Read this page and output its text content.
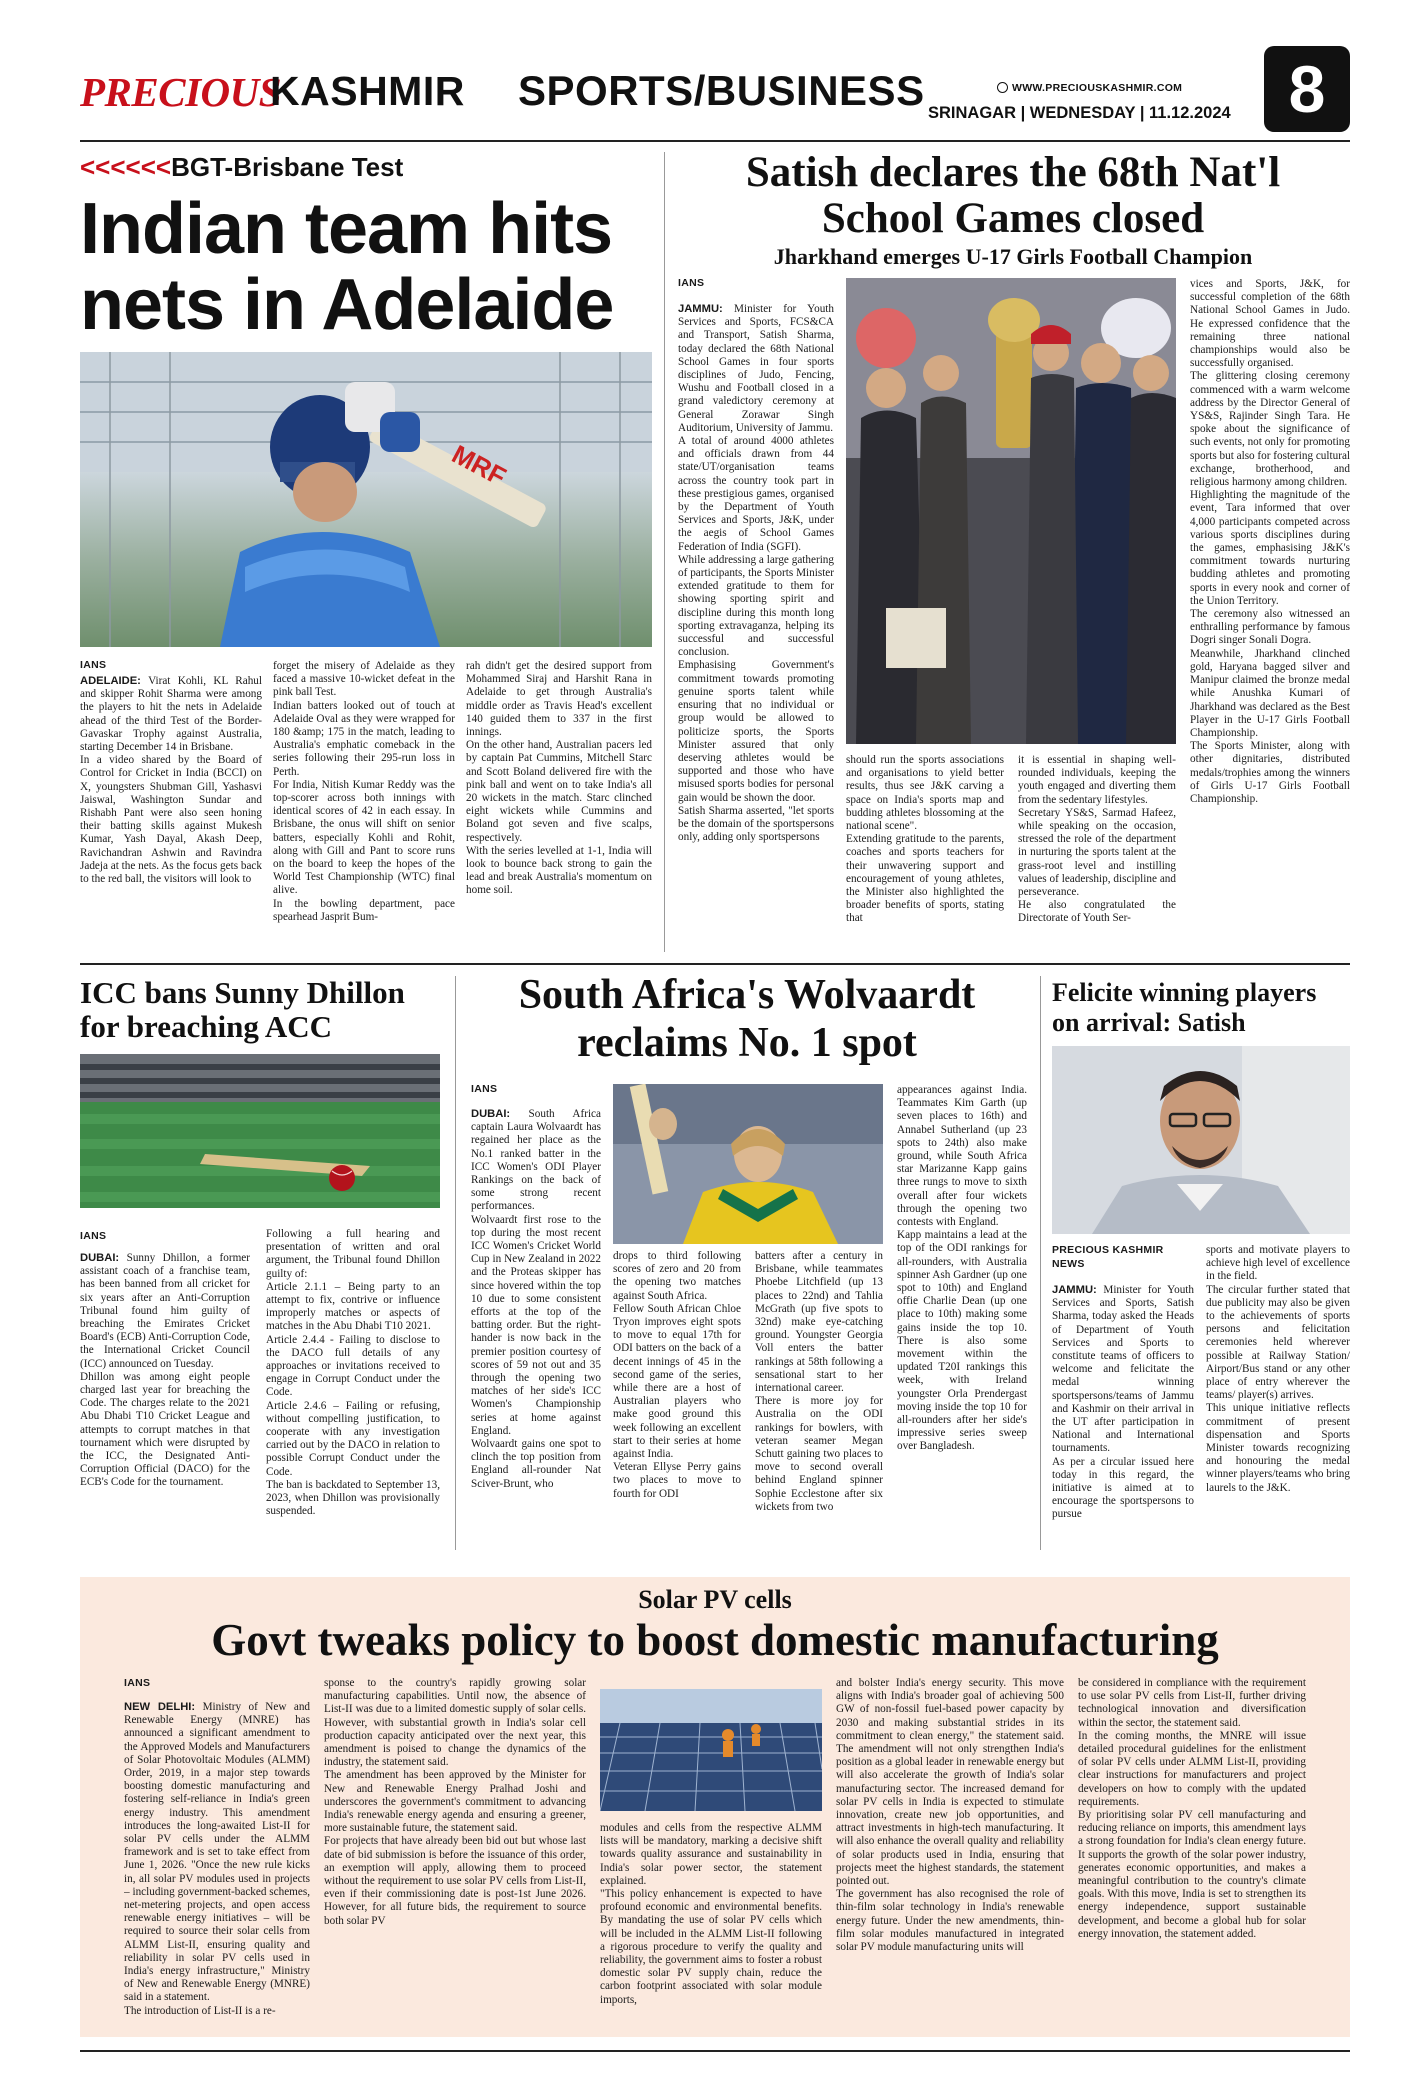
PRECIOUS
KASHMIR SPORTS/BUSINESS	WWW.PRECIOUSKASHMIR.COM
SRINAGAR | WEDNESDAY | 11.12.2024 8
<<<<<<BGT-Brisbane Test
Indian team hits
nets in Adelaide
MRF
IANS
ADELAIDE: Virat Kohli, KL Rahul and skipper Rohit Sharma were among the players to hit the nets in Adelaide ahead of the third Test of the Border-Gavaskar Trophy against Australia, starting December 14 in Brisbane.
In a video shared by the Board of Control for Cricket in India (BCCI) on X, youngsters Shubman Gill, Yashasvi Jaiswal, Washington Sundar and Rishabh Pant were also seen honing their batting skills against Mukesh Kumar, Yash Dayal, Akash Deep, Ravichandran Ashwin and Ravindra Jadeja at the nets. As the focus gets back to the red ball, the visitors will look to
forget the misery of Adelaide as they faced a massive 10-wicket defeat in the pink ball Test.
Indian batters looked out of touch at Adelaide Oval as they were wrapped for 180 &amp; 175 in the match, leading to Australia's emphatic comeback in the series following their 295-run loss in Perth.
For India, Nitish Kumar Reddy was the top-scorer across both innings with identical scores of 42 in each essay. In Brisbane, the onus will shift on senior batters, especially Kohli and Rohit, along with Gill and Pant to score runs on the board to keep the hopes of the World Test Championship (WTC) final alive.
In the bowling department, pace spearhead Jasprit Bum-
rah didn't get the desired support from Mohammed Siraj and Harshit Rana in Adelaide to get through Australia's middle order as Travis Head's excellent 140 guided them to 337 in the first innings.
On the other hand, Australian pacers led by captain Pat Cummins, Mitchell Starc and Scott Boland delivered fire with the pink ball and went on to take India's all 20 wickets in the match. Starc clinched eight wickets while Cummins and Boland got seven and five scalps, respectively.
With the series levelled at 1-1, India will look to bounce back strong to gain the lead and break Australia's momentum on home soil.
Satish declares the 68th Nat'l
School Games closed
Jharkhand emerges U-17 Girls Football Champion
IANS
JAMMU: Minister for Youth Services and Sports, FCS&CA and Transport, Satish Sharma, today declared the 68th National School Games in four sports disciplines of Judo, Fencing, Wushu and Football closed in a grand valedictory ceremony at General Zorawar Singh Auditorium, University of Jammu.
A total of around 4000 athletes and officials drawn from 44 state/UT/organisation teams across the country took part in these prestigious games, organised by the Department of Youth Services and Sports, J&K, under the aegis of School Games Federation of India (SGFI).
While addressing a large gathering of participants, the Sports Minister extended gratitude to them for showing sporting spirit and discipline during this month long sporting extravaganza, helping its successful and successful conclusion.
Emphasising Government's commitment towards promoting genuine sports talent while ensuring that no individual or group would be allowed to politicize sports, the Sports Minister assured that only deserving athletes would be supported and those who have misused sports bodies for personal gain would be shown the door.
Satish Sharma asserted, "let sports be the domain of the sportspersons only, adding only sportspersons
should run the sports associations and organisations to yield better results, thus see J&K carving a space on India's sports map and budding athletes blossoming at the national scene".
Extending gratitude to the parents, coaches and sports teachers for their unwavering support and encouragement of young athletes, the Minister also highlighted the broader benefits of sports, stating that
it is essential in shaping well-rounded individuals, keeping the youth engaged and diverting them from the sedentary lifestyles.
Secretary YS&S, Sarmad Hafeez, while speaking on the occasion, stressed the role of the department in nurturing the sports talent at the grass-root level and instilling values of leadership, discipline and perseverance.
He also congratulated the Directorate of Youth Ser-
vices and Sports, J&K, for successful completion of the 68th National School Games in Judo. He expressed confidence that the remaining three national championships would also be successfully organised.
The glittering closing ceremony commenced with a warm welcome address by the Director General of YS&S, Rajinder Singh Tara. He spoke about the significance of such events, not only for promoting sports but also for fostering cultural exchange, brotherhood, and religious harmony among children.
Highlighting the magnitude of the event, Tara informed that over 4,000 participants competed across various sports disciplines during the games, emphasising J&K's commitment towards nurturing budding athletes and promoting sports in every nook and corner of the Union Territory.
The ceremony also witnessed an enthralling performance by famous Dogri singer Sonali Dogra.
Meanwhile, Jharkhand clinched gold, Haryana bagged silver and Manipur claimed the bronze medal while Anushka Kumari of Jharkhand was declared as the Best Player in the U-17 Girls Football Championship.
The Sports Minister, along with other dignitaries, distributed medals/trophies among the winners of Girls U-17 Girls Football Championship.
ICC bans Sunny Dhillon
for breaching ACC
IANS
DUBAI: Sunny Dhillon, a former assistant coach of a franchise team, has been banned from all cricket for six years after an Anti-Corruption Tribunal found him guilty of breaching the Emirates Cricket Board's (ECB) Anti-Corruption Code, the International Cricket Council (ICC) announced on Tuesday.
Dhillon was among eight people charged last year for breaching the Code. The charges relate to the 2021 Abu Dhabi T10 Cricket League and attempts to corrupt matches in that tournament which were disrupted by the ICC, the Designated Anti-Corruption Official (DACO) for the ECB's Code for the tournament.
Following a full hearing and presentation of written and oral argument, the Tribunal found Dhillon guilty of:
Article 2.1.1 – Being party to an attempt to fix, contrive or influence improperly matches or aspects of matches in the Abu Dhabi T10 2021.
Article 2.4.4 - Failing to disclose to the DACO full details of any approaches or invitations received to engage in Corrupt Conduct under the Code.
Article 2.4.6 – Failing or refusing, without compelling justification, to cooperate with any investigation carried out by the DACO in relation to possible Corrupt Conduct under the Code.
The ban is backdated to September 13, 2023, when Dhillon was provisionally suspended.
South Africa's Wolvaardt
reclaims No. 1 spot
IANS
DUBAI: South Africa captain Laura Wolvaardt has regained her place as the No.1 ranked batter in the ICC Women's ODI Player Rankings on the back of some strong recent performances.
Wolvaardt first rose to the top during the most recent ICC Women's Cricket World Cup in New Zealand in 2022 and the Proteas skipper has since hovered within the top 10 due to some consistent efforts at the top of the batting order. But the right-hander is now back in the premier position courtesy of scores of 59 not out and 35 through the opening two matches of her side's ICC Women's Championship series at home against England.
Wolvaardt gains one spot to clinch the top position from England all-rounder Nat Sciver-Brunt, who
drops to third following scores of zero and 20 from the opening two matches against South Africa.
Fellow South African Chloe Tryon improves eight spots to move to equal 17th for ODI batters on the back of a decent innings of 45 in the second game of the series, while there are a host of Australian players who make good ground this week following an excellent start to their series at home against India.
Veteran Ellyse Perry gains two places to move to fourth for ODI
batters after a century in Brisbane, while teammates Phoebe Litchfield (up 13 places to 22nd) and Tahlia McGrath (up five spots to 32nd) make eye-catching ground. Youngster Georgia Voll enters the batter rankings at 58th following a sensational start to her international career.
There is more joy for Australia on the ODI rankings for bowlers, with veteran seamer Megan Schutt gaining two places to move to second overall behind England spinner Sophie Ecclestone after six wickets from two
appearances against India. Teammates Kim Garth (up seven places to 16th) and Annabel Sutherland (up 23 spots to 24th) also make ground, while South Africa star Marizanne Kapp gains three rungs to move to sixth overall after four wickets through the opening two contests with England.
Kapp maintains a lead at the top of the ODI rankings for all-rounders, with Australia spinner Ash Gardner (up one spot to 10th) and England offie Charlie Dean (up one place to 10th) making some gains inside the top 10. There is also some movement within the updated T20I rankings this week, with Ireland youngster Orla Prendergast moving inside the top 10 for all-rounders after her side's impressive series sweep over Bangladesh.
Felicite winning players
on arrival: Satish
PRECIOUS KASHMIR
NEWS
JAMMU: Minister for Youth Services and Sports, Satish Sharma, today asked the Heads of Department of Youth Services and Sports to constitute teams of officers to welcome and felicitate the medal winning sportspersons/teams of Jammu and Kashmir on their arrival in the UT after participation in National and International tournaments.
As per a circular issued here today in this regard, the initiative is aimed at to encourage the sportspersons to pursue
sports and motivate players to achieve high level of excellence in the field.
The circular further stated that due publicity may also be given to the achievements of sports persons and felicitation ceremonies held wherever possible at Railway Station/ Airport/Bus stand or any other place of entry wherever the teams/ player(s) arrives.
This unique initiative reflects commitment of present dispensation and Sports Minister towards recognizing and honouring the medal winner players/teams who bring laurels to the J&K.
Solar PV cells
Govt tweaks policy to boost domestic manufacturing
IANS
NEW DELHI: Ministry of New and Renewable Energy (MNRE) has announced a significant amendment to the Approved Models and Manufacturers of Solar Photovoltaic Modules (ALMM) Order, 2019, in a major step towards boosting domestic manufacturing and fostering self-reliance in India's green energy industry. This amendment introduces the long-awaited List-II for solar PV cells under the ALMM framework and is set to take effect from June 1, 2026. "Once the new rule kicks in, all solar PV modules used in projects – including government-backed schemes, net-metering projects, and open access renewable energy initiatives – will be required to source their solar cells from ALMM List-II, ensuring quality and reliability in solar PV cells used in India's energy infrastructure," Ministry of New and Renewable Energy (MNRE) said in a statement.
The introduction of List-II is a re-
sponse to the country's rapidly growing solar manufacturing capabilities. Until now, the absence of List-II was due to a limited domestic supply of solar cells. However, with substantial growth in India's solar cell production capacity anticipated over the next year, this amendment is poised to change the dynamics of the industry, the statement said.
The amendment has been approved by the Minister for New and Renewable Energy Pralhad Joshi and underscores the government's commitment to advancing India's renewable energy agenda and ensuring a greener, more sustainable future, the statement said.
For projects that have already been bid out but whose last date of bid submission is before the issuance of this order, an exemption will apply, allowing them to proceed without the requirement to use solar PV cells from List-II, even if their commissioning date is post-1st June 2026. However, for all future bids, the requirement to source both solar PV
modules and cells from the respective ALMM lists will be mandatory, marking a decisive shift towards quality assurance and sustainability in India's solar power sector, the statement explained.
"This policy enhancement is expected to have profound economic and environmental benefits. By mandating the use of solar PV cells which will be included in the ALMM List-II following a rigorous procedure to verify the quality and reliability, the government aims to foster a robust domestic solar PV supply chain, reduce the carbon footprint associated with solar module imports,
and bolster India's energy security. This move aligns with India's broader goal of achieving 500 GW of non-fossil fuel-based power capacity by 2030 and making substantial strides in its commitment to clean energy," the statement said. The amendment will not only strengthen India's position as a global leader in renewable energy but will also accelerate the growth of India's solar manufacturing sector. The increased demand for solar PV cells in India is expected to stimulate innovation, create new job opportunities, and attract investments in high-tech manufacturing. It will also enhance the overall quality and reliability of solar products used in India, ensuring that projects meet the highest standards, the statement pointed out.
The government has also recognised the role of thin-film solar technology in India's renewable energy future. Under the new amendments, thin-film solar modules manufactured in integrated solar PV module manufacturing units will
be considered in compliance with the requirement to use solar PV cells from List-II, further driving technological innovation and diversification within the sector, the statement said.
In the coming months, the MNRE will issue detailed procedural guidelines for the enlistment of solar PV cells under ALMM List-II, providing clear instructions for manufacturers and project developers on how to comply with the updated requirements.
By prioritising solar PV cell manufacturing and reducing reliance on imports, this amendment lays a strong foundation for India's clean energy future. It supports the growth of the solar power industry, generates economic opportunities, and makes a meaningful contribution to the country's climate goals. With this move, India is set to strengthen its energy independence, support sustainable development, and become a global hub for solar energy innovation, the statement added.
